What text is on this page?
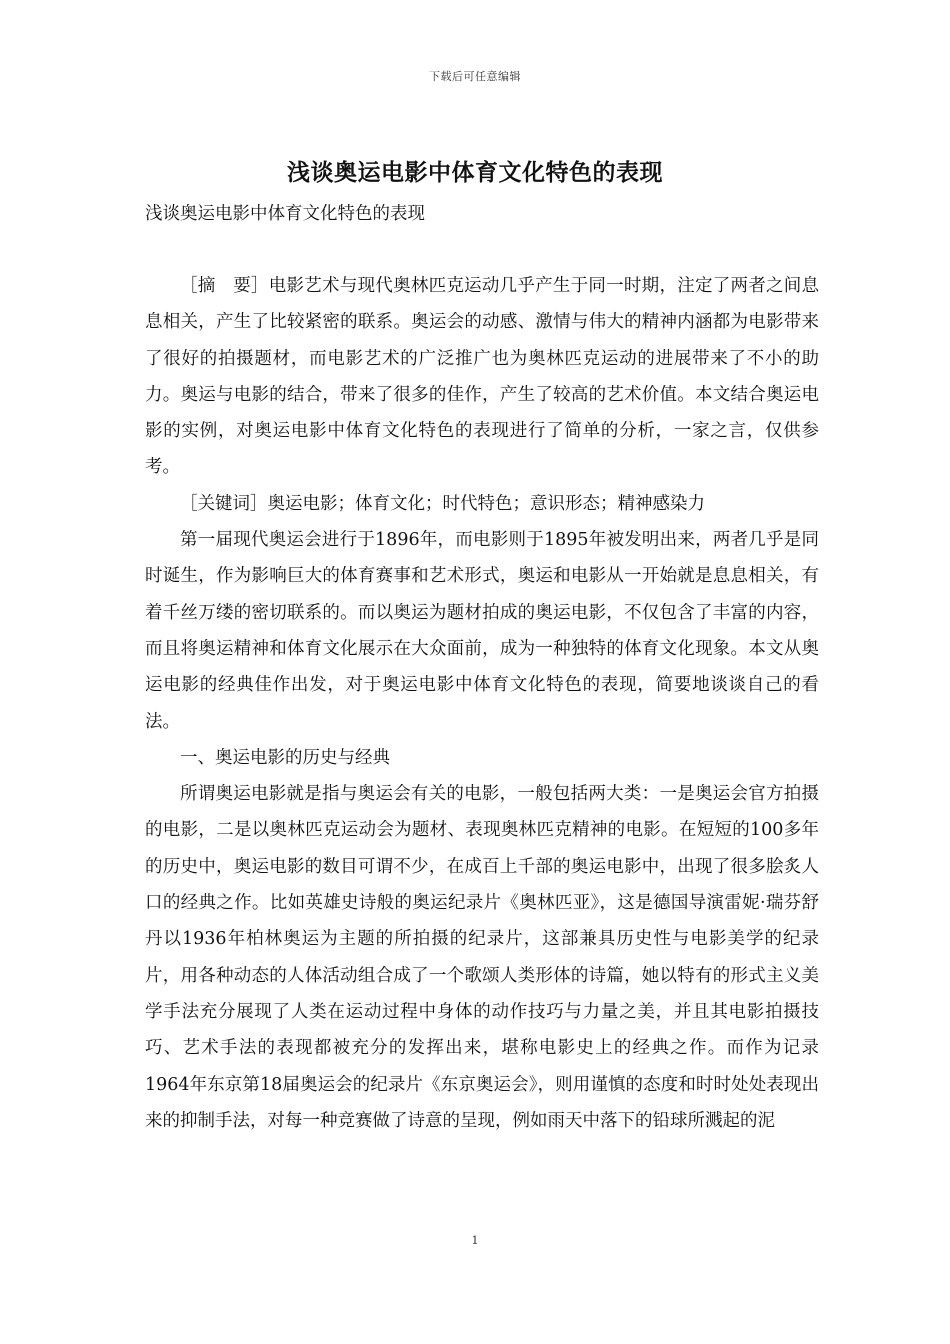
下载后可任意编辑
浅谈奥运电影中体育文化特色的表现
浅谈奥运电影中体育文化特色的表现

［摘　要］电影艺术与现代奥林匹克运动几乎产生于同一时期，注定了两者之间息息相关，产生了比较紧密的联系。奥运会的动感、激情与伟大的精神内涵都为电影带来了很好的拍摄题材，而电影艺术的广泛推广也为奥林匹克运动的进展带来了不小的助力。奥运与电影的结合，带来了很多的佳作，产生了较高的艺术价值。本文结合奥运电影的实例，对奥运电影中体育文化特色的表现进行了简单的分析，一家之言，仅供参考。

［关键词］奥运电影；体育文化；时代特色；意识形态；精神感染力

第一届现代奥运会进行于1896年，而电影则于1895年被发明出来，两者几乎是同时诞生，作为影响巨大的体育赛事和艺术形式，奥运和电影从一开始就是息息相关，有着千丝万缕的密切联系的。而以奥运为题材拍成的奥运电影，不仅包含了丰富的内容，而且将奥运精神和体育文化展示在大众面前，成为一种独特的体育文化现象。本文从奥运电影的经典佳作出发，对于奥运电影中体育文化特色的表现，简要地谈谈自己的看法。

一、奥运电影的历史与经典

所谓奥运电影就是指与奥运会有关的电影，一般包括两大类：一是奥运会官方拍摄的电影，二是以奥林匹克运动会为题材、表现奥林匹克精神的电影。在短短的100多年的历史中，奥运电影的数目可谓不少，在成百上千部的奥运电影中，出现了很多脍炙人口的经典之作。比如英雄史诗般的奥运纪录片《奥林匹亚》，这是德国导演雷妮·瑞芬舒丹以1936年柏林奥运为主题的所拍摄的纪录片，这部兼具历史性与电影美学的纪录片，用各种动态的人体活动组合成了一个歌颂人类形体的诗篇，她以特有的形式主义美学手法充分展现了人类在运动过程中身体的动作技巧与力量之美，并且其电影拍摄技巧、艺术手法的表现都被充分的发挥出来，堪称电影史上的经典之作。而作为记录1964年东京第18届奥运会的纪录片《东京奥运会》，则用谨慎的态度和时时处处表现出来的抑制手法，对每一种竞赛做了诗意的呈现，例如雨天中落下的铅球所溅起的泥

1
